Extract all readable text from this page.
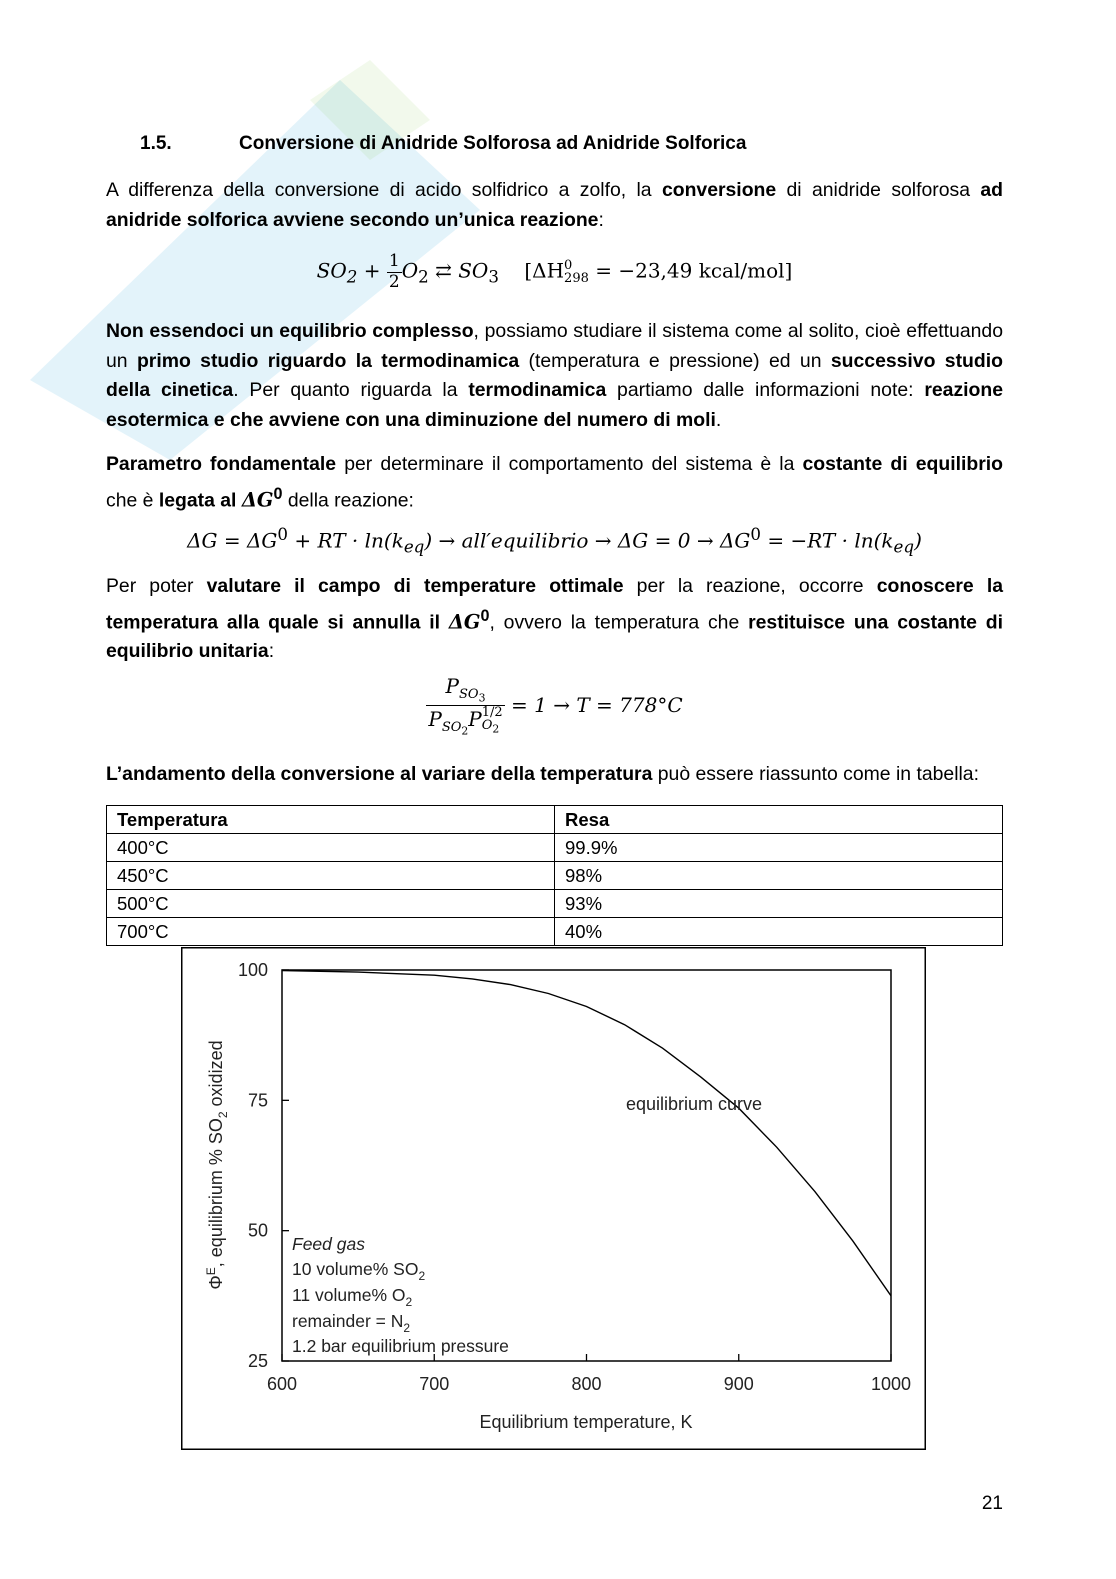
1.5.	Conversione di Anidride Solforosa ad Anidride Solforica
A differenza della conversione di acido solfidrico a zolfo, la conversione di anidride solforosa ad anidride solforica avviene secondo un’unica reazione:
$SO_2 + \frac{1}{2} O_2$ ⇄ $SO_3$ [ΔH 0
298 = −23,49 kcal/mol]
Non essendoci un equilibrio complesso, possiamo studiare il sistema come al solito, cioè effettuando un primo studio riguardo la termodinamica (temperatura e pressione) ed un successivo studio della cinetica. Per quanto riguarda la termodinamica partiamo dalle informazioni note: reazione esotermica e che avviene con una diminuzione del numero di moli.
Parametro fondamentale per determinare il comportamento del sistema è la costante di equilibrio che è legata al $\Delta G^0$ della reazione:
$\Delta G = \Delta G^0$ + RT · $\ln(k_{eq})$ → all′equilibrio → $\Delta G = 0 \to \Delta G^0 = -RT \cdot \ln(k_{eq})$
Per poter valutare il campo di temperature ottimale per la reazione, occorre conoscere la temperatura alla quale si annulla il $\Delta G^0$, ovvero la temperatura che restituisce una costante di equilibrio unitaria:
$P_{SO_3}$
$P_{SO_2}P$ 1/2
$O_2 = 1 \to T = 778^\circ C$
L’andamento della conversione al variare della temperatura può essere riassunto come in tabella:
Temperatura	Resa
400°C	99.9%
450°C	98%
500°C	93%
700°C	40%
600	700	800	900	1000
25
50
75
100
equilibrium curve
Feed gas
10 volume% $SO_2$
11 volume% $O_2$
remainder = $N_2$
1.2 bar equilibrium pressure
Equilibrium temperature, K
$\Phi^E$, equilibrium % $SO_2$ oxidized
21
